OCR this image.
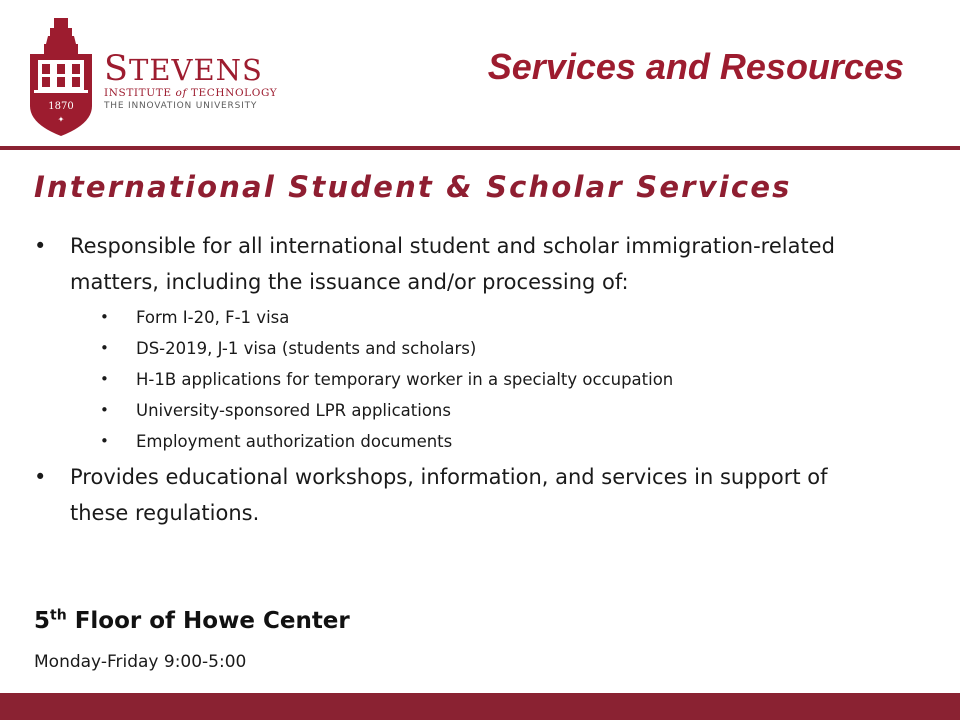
1870
✦
STEVENS
INSTITUTE of TECHNOLOGY
THE INNOVATION UNIVERSITY
Services and Resources
International Student & Scholar Services
• Responsible for all international student and scholar immigration-related matters, including the issuance and/or processing of:
• Form I-20, F-1 visa
• DS-2019, J-1 visa (students and scholars)
• H-1B applications for temporary worker in a specialty occupation
• University-sponsored LPR applications
• Employment authorization documents
• Provides educational workshops, information, and services in support of these regulations.
5th Floor of Howe Center
Monday-Friday 9:00-5:00
